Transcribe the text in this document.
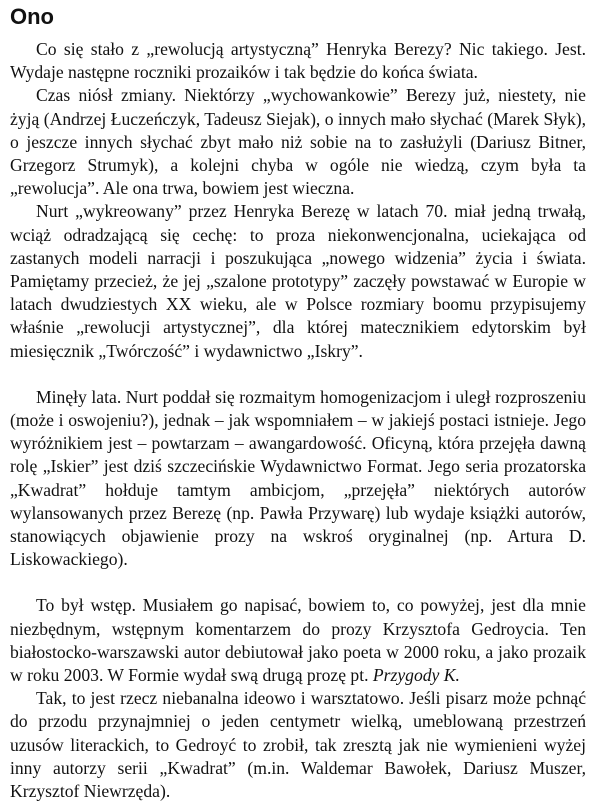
Ono

Co się stało z „rewolucją artystyczną” Henryka Berezy? Nic takiego. Jest. Wydaje następne roczniki prozaików i tak będzie do końca świata.

Czas niósł zmiany. Niektórzy „wychowankowie” Berezy już, niestety, nie żyją (Andrzej Łuczeńczyk, Tadeusz Siejak), o innych mało słychać (Marek Słyk), o jeszcze innych słychać zbyt mało niż sobie na to zasłużyli (Dariusz Bitner, Grzegorz Strumyk), a kolejni chyba w ogóle nie wiedzą, czym była ta „rewolucja”. Ale ona trwa, bowiem jest wieczna.

Nurt „wykreowany” przez Henryka Berezę w latach 70. miał jedną trwałą, wciąż odradzającą się cechę: to proza niekonwencjonalna, uciekająca od zastanych modeli narracji i poszukująca „nowego widzenia” życia i świata. Pamiętamy przecież, że jej „szalone prototypy” zaczęły powstawać w Europie w latach dwudziestych XX wieku, ale w Polsce rozmiary boomu przypisujemy właśnie „rewolucji artystycznej”, dla której matecznikiem edytorskim był miesięcznik „Twórczość” i wydawnictwo „Iskry”.

Minęły lata. Nurt poddał się rozmaitym homogenizacjom i uległ rozproszeniu (może i oswojeniu?), jednak – jak wspomniałem – w jakiejś postaci istnieje. Jego wyróżnikiem jest – powtarzam – awangardowość. Oficyną, która przejęła dawną rolę „Iskier” jest dziś szczecińskie Wydawnictwo Format. Jego seria prozatorska „Kwadrat” hołduje tamtym ambicjom, „przejęła” niektórych autorów wylansowanych przez Berezę (np. Pawła Przywarę) lub wydaje książki autorów, stanowiących objawienie prozy na wskroś oryginalnej (np. Artura D. Liskowackiego).

To był wstęp. Musiałem go napisać, bowiem to, co powyżej, jest dla mnie niezbędnym, wstępnym komentarzem do prozy Krzysztofa Gedroycia. Ten białostocko-warszawski autor debiutował jako poeta w 2000 roku, a jako prozaik w roku 2003. W Formie wydał swą drugą prozę pt. Przygody K.

Tak, to jest rzecz niebanalna ideowo i warsztatowo. Jeśli pisarz może pchnąć do przodu przynajmniej o jeden centymetr wielką, umeblowaną przestrzeń uzusów literackich, to Gedroyć to zrobił, tak zresztą jak nie wymienieni wyżej inny autorzy serii „Kwadrat” (m.in. Waldemar Bawołek, Dariusz Muszer, Krzysztof Niewrzęda).
